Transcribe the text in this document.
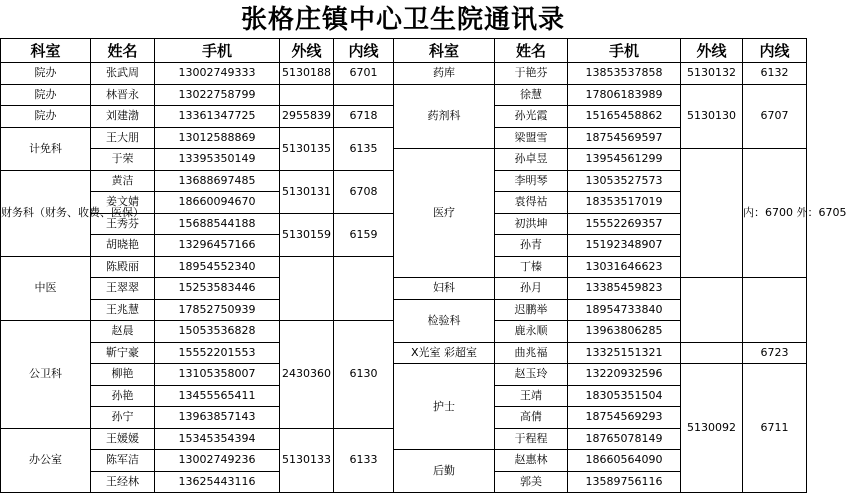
张格庄镇中心卫生院通讯录
科室	姓名	手机	外线	内线	科室	姓名	手机	外线	内线
院办	张武周	13002749333	5130188	6701	药库	于艳芬	13853537858	5130132	6132
院办	林晋永	13022758799			药剂科	徐慧	17806183989	5130130	6707
院办	刘建渤	13361347725	2955839	6718		孙光霞	15165458862		
计免科	王大朋	13012588869	5130135	6135		梁盟雪	18754569597		
	于荣	13395350149			医疗	孙卓昱	13954561299		内：6700 外：6705
财务科（财务、收费、医保）	黄洁	13688697485	5130131	6708		李明琴	13053527573		
	姜文婧	18660094670				袁得祜	18353517019		
	王秀芬	15688544188	5130159	6159		初洪坤	15552269357		
	胡晓艳	13296457166				孙青	15192348907		
中医	陈殿丽	18954552340				丁榛	13031646623		
	王翠翠	15253583446			妇科	孙月	13385459823		
	王兆慧	17852750939			检验科	迟鹏举	18954733840		
公卫科	赵晨	15053536828	2430360	6130		鹿永顺	13963806285		
	靳宁豪	15552201553			X光室 彩超室	曲兆福	13325151321		6723
	柳艳	13105358007			护士	赵玉玲	13220932596	5130092	6711
	孙艳	13455565411				王靖	18305351504		
	孙宁	13963857143				高倩	18754569293		
办公室	王媛媛	15345354394	5130133	6133		于程程	18765078149		
	陈军洁	13002749236			后勤	赵惠林	18660564090		
	王经林	13625443116				郭美	13589756116		
